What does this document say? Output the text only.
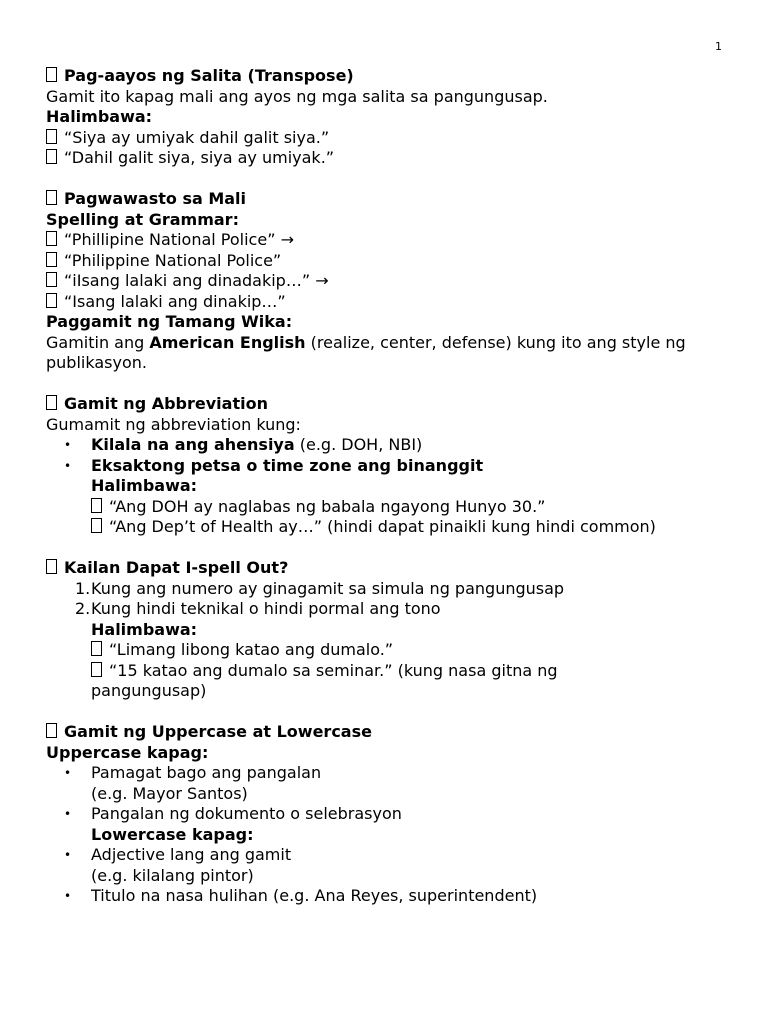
1
Pag-aayos ng Salita (Transpose)
Gamit ito kapag mali ang ayos ng mga salita sa pangungusap.
Halimbawa:
“Siya ay umiyak dahil galit siya.”
“Dahil galit siya, siya ay umiyak.”
Pagwawasto sa Mali
Spelling at Grammar:
“Phillipine National Police” →
“Philippine National Police”
“iIsang lalaki ang dinadakip…” →
“Isang lalaki ang dinakip…”
Paggamit ng Tamang Wika:
Gamitin ang American English (realize, center, defense) kung ito ang style ng publikasyon.
Gamit ng Abbreviation
Gumamit ng abbreviation kung:
• Kilala na ang ahensiya (e.g. DOH, NBI)
• Eksaktong petsa o time zone ang binanggit
Halimbawa:
“Ang DOH ay naglabas ng babala ngayong Hunyo 30.”
“Ang Dep’t of Health ay…” (hindi dapat pinaikli kung hindi common)
Kailan Dapat I-spell Out?
1. Kung ang numero ay ginagamit sa simula ng pangungusap
2. Kung hindi teknikal o hindi pormal ang tono
Halimbawa:
“Limang libong katao ang dumalo.”
“15 katao ang dumalo sa seminar.” (kung nasa gitna ng
pangungusap)
Gamit ng Uppercase at Lowercase
Uppercase kapag:
• Pamagat bago ang pangalan
(e.g. Mayor Santos)
• Pangalan ng dokumento o selebrasyon
Lowercase kapag:
• Adjective lang ang gamit
(e.g. kilalang pintor)
• Titulo na nasa hulihan (e.g. Ana Reyes, superintendent)
